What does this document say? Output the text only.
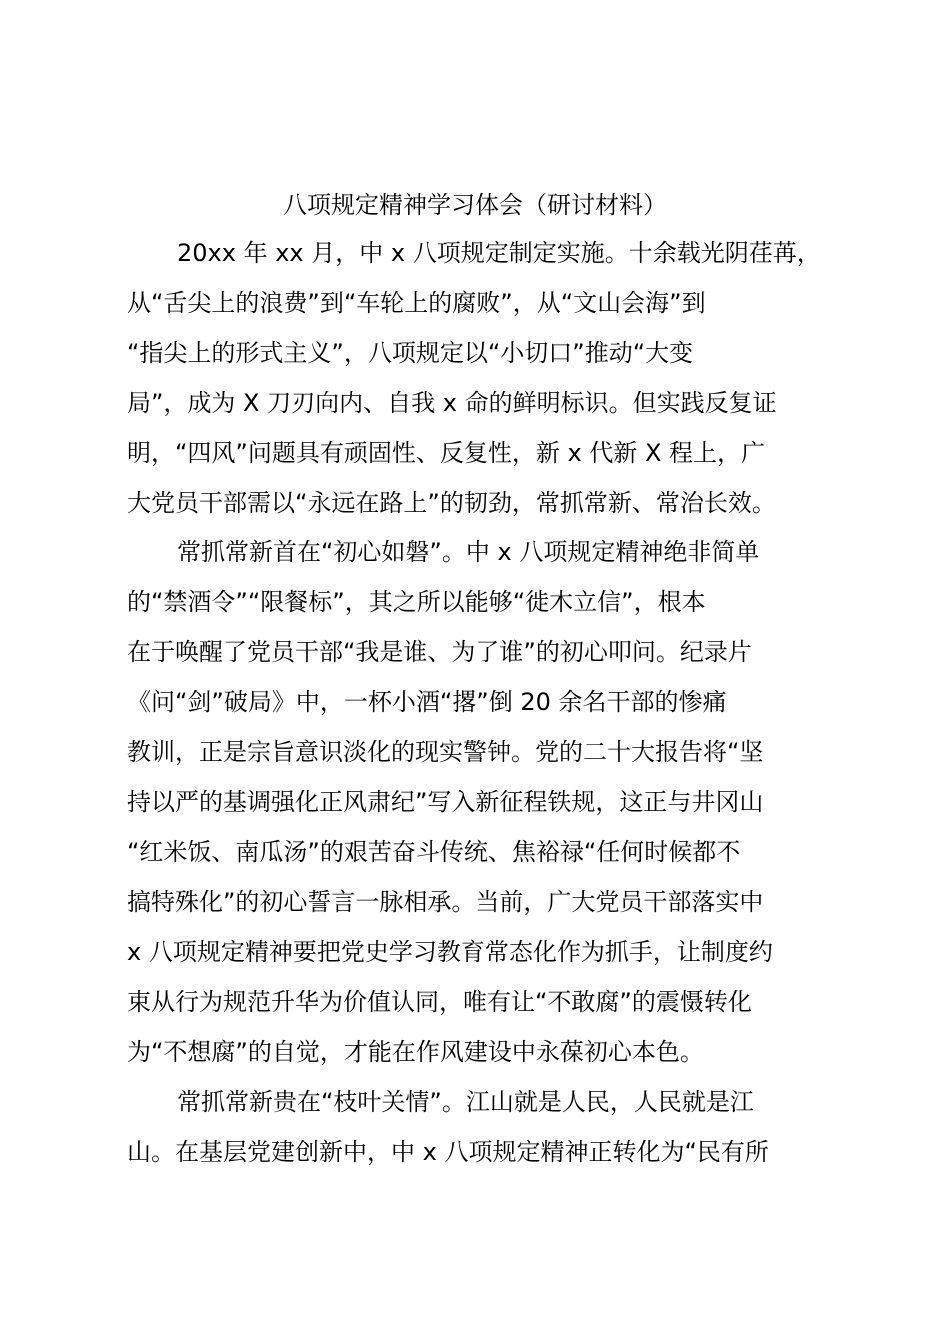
八项规定精神学习体会（研讨材料）
20xx 年 xx 月，中 x 八项规定制定实施。十余载光阴荏苒，
从“舌尖上的浪费”到“车轮上的腐败”，从“文山会海”到
“指尖上的形式主义”，八项规定以“小切口”推动“大变
局”，成为 X 刀刃向内、自我 x 命的鲜明标识。但实践反复证
明，“四风”问题具有顽固性、反复性，新 x 代新 X 程上，广
大党员干部需以“永远在路上”的韧劲，常抓常新、常治长效。
常抓常新首在“初心如磐”。中 x 八项规定精神绝非简单
的“禁酒令”“限餐标”，其之所以能够“徙木立信”，根本
在于唤醒了党员干部“我是谁、为了谁”的初心叩问。纪录片
《问“剑”破局》中，一杯小酒“撂”倒 20 余名干部的惨痛
教训，正是宗旨意识淡化的现实警钟。党的二十大报告将“坚
持以严的基调强化正风肃纪”写入新征程铁规，这正与井冈山
“红米饭、南瓜汤”的艰苦奋斗传统、焦裕禄“任何时候都不
搞特殊化”的初心誓言一脉相承。当前，广大党员干部落实中
x 八项规定精神要把党史学习教育常态化作为抓手，让制度约
束从行为规范升华为价值认同，唯有让“不敢腐”的震慑转化
为“不想腐”的自觉，才能在作风建设中永葆初心本色。
常抓常新贵在“枝叶关情”。江山就是人民，人民就是江
山。在基层党建创新中，中 x 八项规定精神正转化为“民有所
